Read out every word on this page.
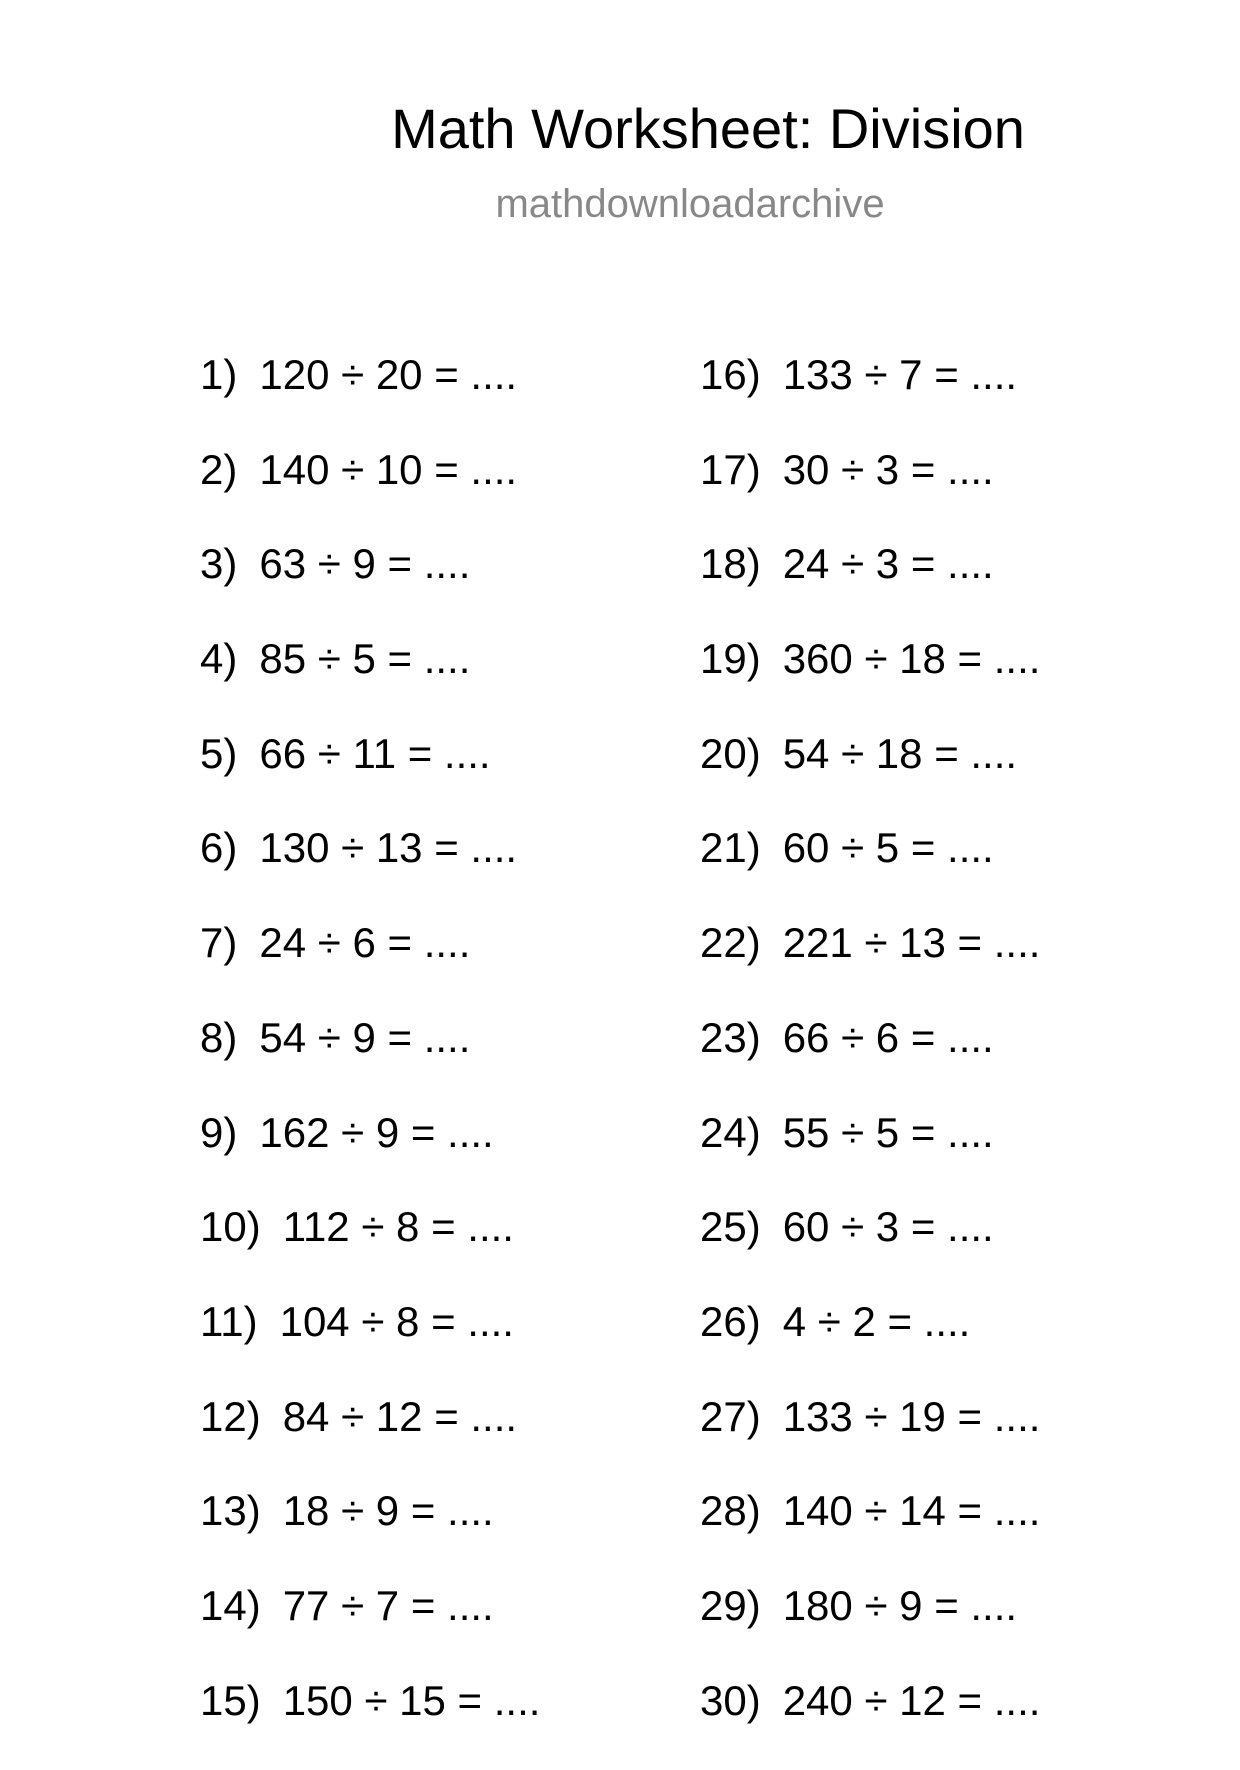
Math Worksheet: Division
mathdownloadarchive
1) 120 ÷ 20 = ....
2) 140 ÷ 10 = ....
3) 63 ÷ 9 = ....
4) 85 ÷ 5 = ....
5) 66 ÷ 11 = ....
6) 130 ÷ 13 = ....
7) 24 ÷ 6 = ....
8) 54 ÷ 9 = ....
9) 162 ÷ 9 = ....
10) 112 ÷ 8 = ....
11) 104 ÷ 8 = ....
12) 84 ÷ 12 = ....
13) 18 ÷ 9 = ....
14) 77 ÷ 7 = ....
15) 150 ÷ 15 = ....
16) 133 ÷ 7 = ....
17) 30 ÷ 3 = ....
18) 24 ÷ 3 = ....
19) 360 ÷ 18 = ....
20) 54 ÷ 18 = ....
21) 60 ÷ 5 = ....
22) 221 ÷ 13 = ....
23) 66 ÷ 6 = ....
24) 55 ÷ 5 = ....
25) 60 ÷ 3 = ....
26) 4 ÷ 2 = ....
27) 133 ÷ 19 = ....
28) 140 ÷ 14 = ....
29) 180 ÷ 9 = ....
30) 240 ÷ 12 = ....
